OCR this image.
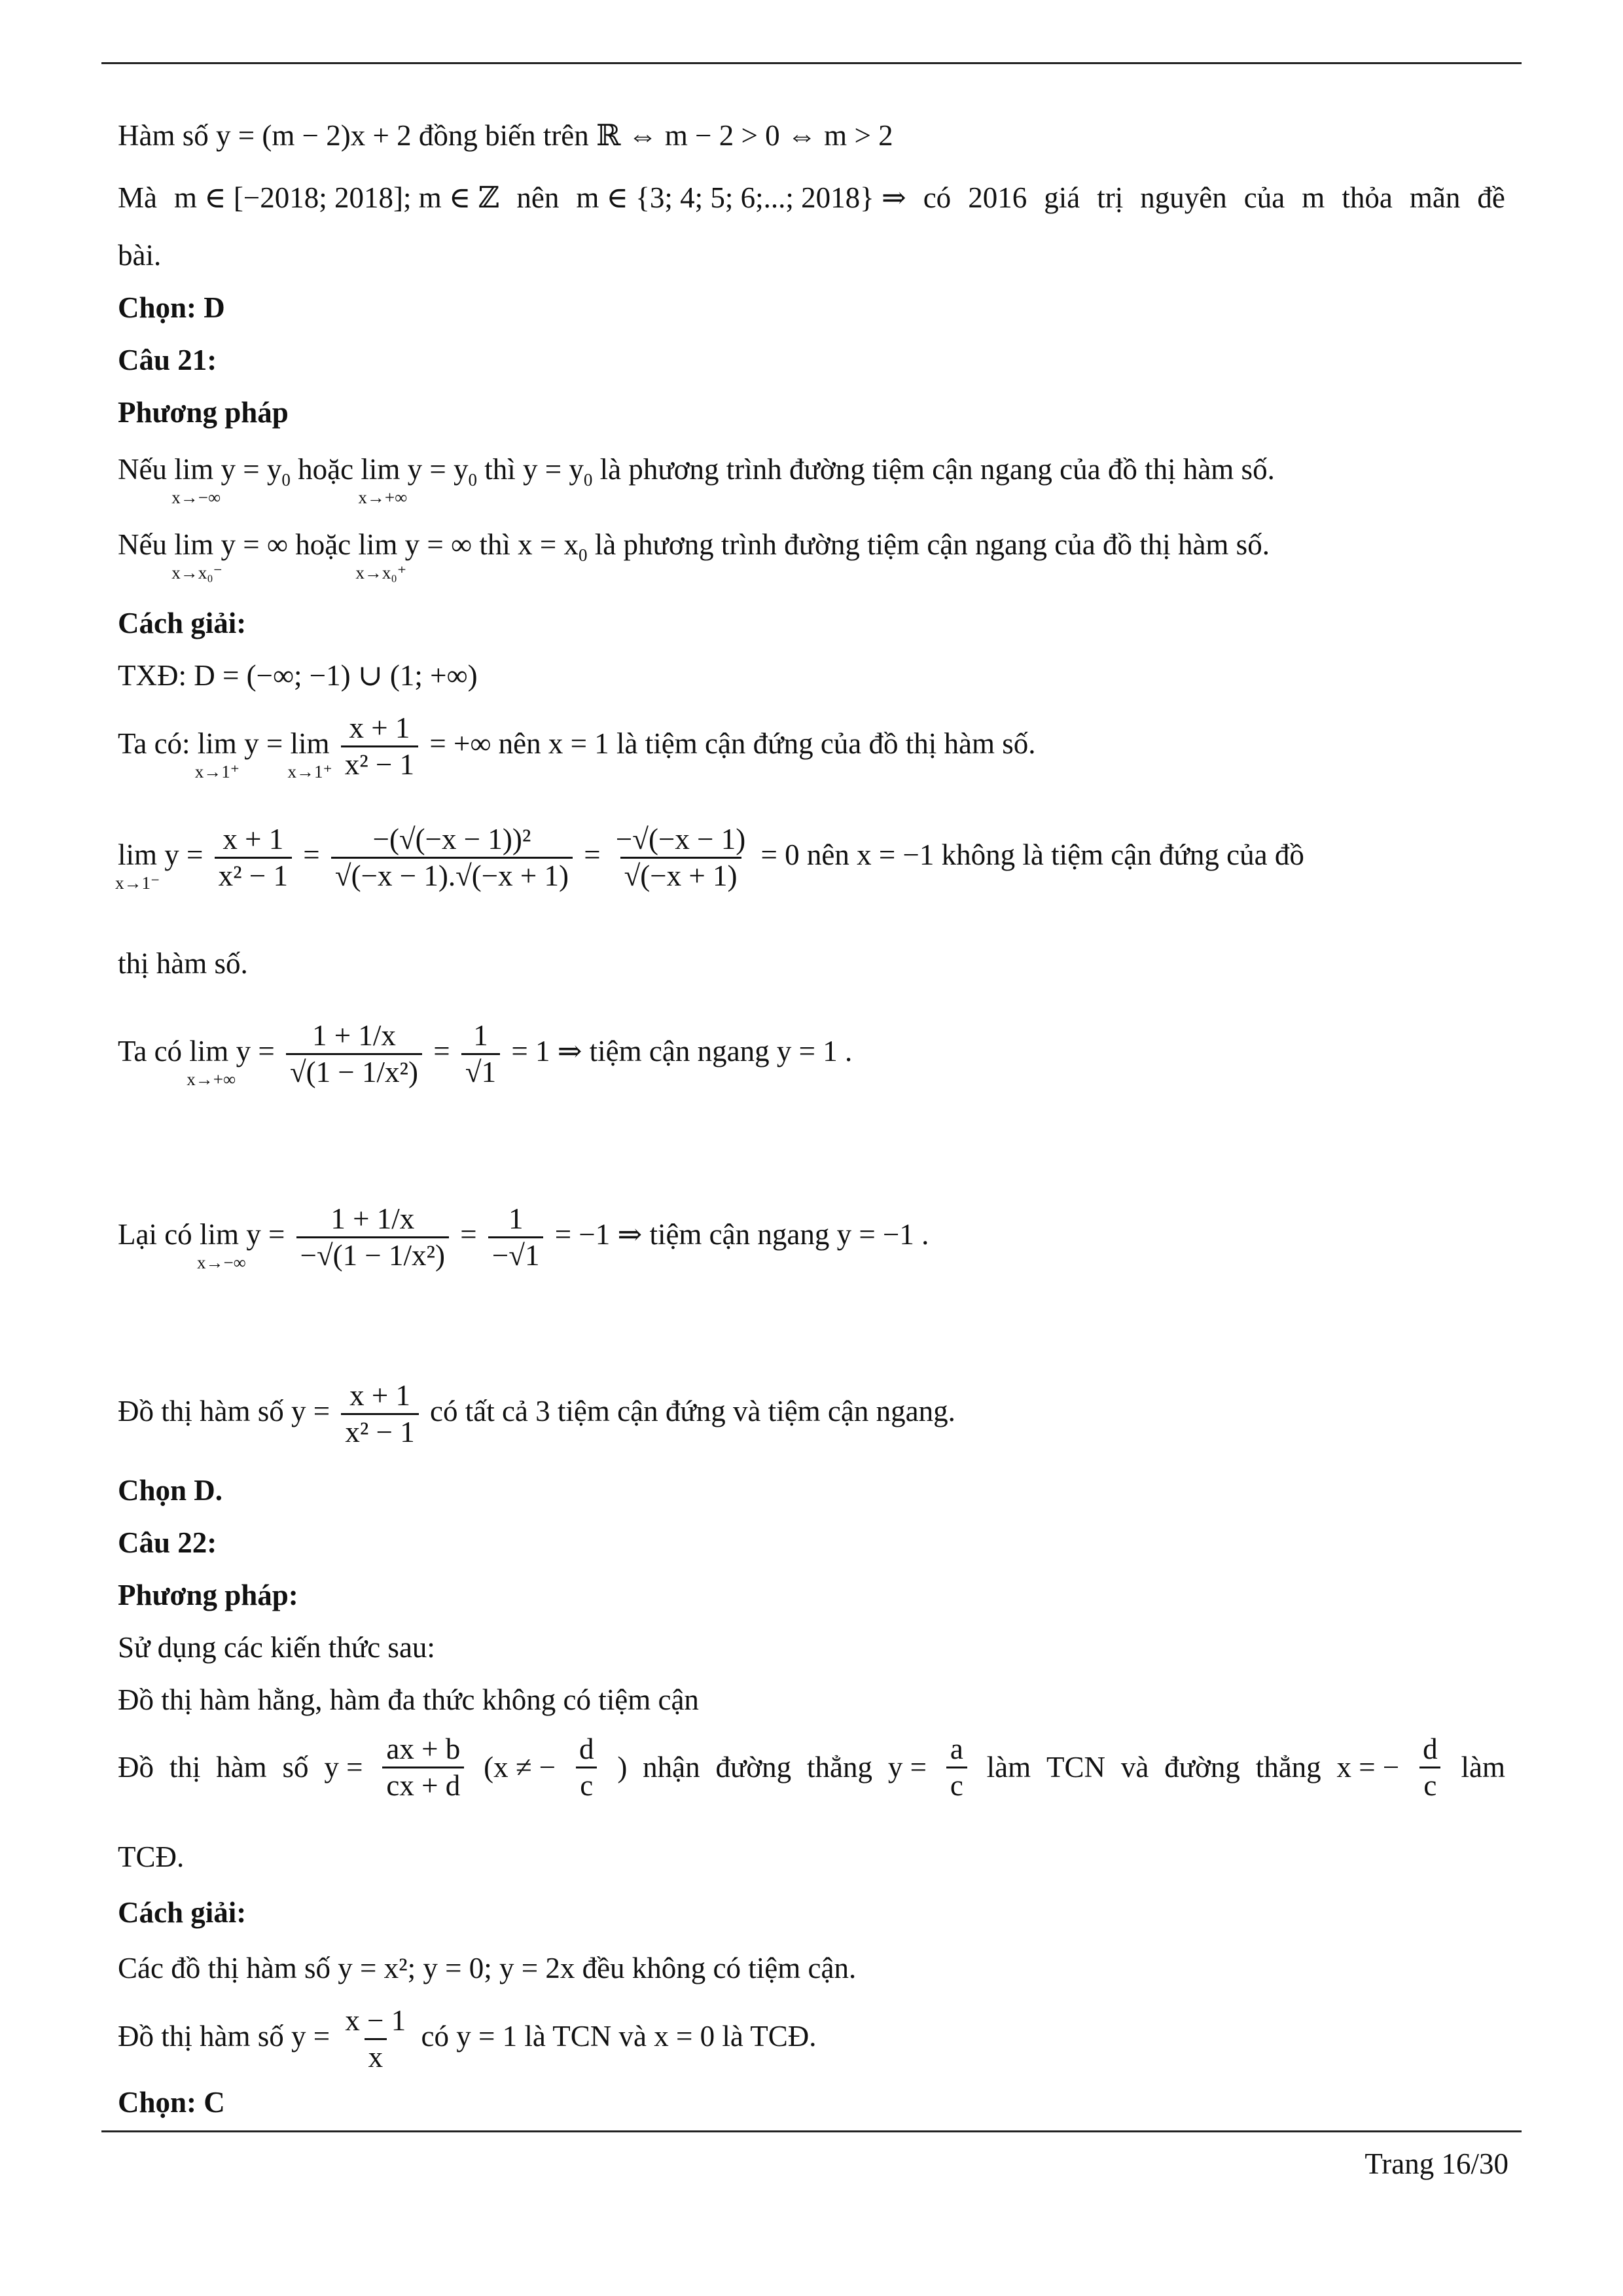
Hàm số y = (m − 2)x + 2 đồng biến trên ℝ ⇔ m − 2 > 0 ⇔ m > 2
Mà m ∈ [−2018; 2018]; m ∈ ℤ nên m ∈ {3; 4; 5; 6;...; 2018} ⇒ có 2016 giá trị nguyên của m thỏa mãn đề
bài.
Chọn: D
Câu 21:
Phương pháp
Nếu lim
x→−∞
$y = y_0$ hoặc lim
x→+∞
$y = y_0$ thì $y = y_0$ là phương trình đường tiệm cận ngang của đồ thị hàm số.
Nếu lim
x→x₀⁻
y = ∞ hoặc lim
x→x₀⁺
y = ∞ thì $x = x_0$ là phương trình đường tiệm cận ngang của đồ thị hàm số.
Cách giải:
TXĐ: D = (−∞; −1) ∪ (1; +∞)
Ta có: lim
x→1⁺
y = lim
x→1⁺
$\frac{x + 1}{\text{x² − 1}}$ = +∞ nên x = 1 là tiệm cận đứng của đồ thị hàm số.
lim
x→1⁻
$y = \frac{x + 1}{\text{x² − 1}} = \frac{\text{−(√(−x − 1))²}}{√(-x - 1).√(-x + 1)} = \frac{-√(-x - 1)}{√(-x + 1)} = 0$ nên x = −1 không là tiệm cận đứng của đồ
thị hàm số.
Ta có lim
x→+∞
$y = \frac{1 + 1/x}{\text{√(1 − 1/x²)}} = \frac{1}{√1} = 1$ ⇒ tiệm cận ngang y = 1 .
Lại có lim
x→−∞
$y = \frac{1 + 1/x}{\text{−√(1 − 1/x²)}} = \frac{1}{-√1} = -1$ ⇒ tiệm cận ngang y = −1 .
Đồ thị hàm số $y = \frac{x + 1}{\text{x² − 1}}$ có tất cả 3 tiệm cận đứng và tiệm cận ngang.
Chọn D.
Câu 22:
Phương pháp:
Sử dụng các kiến thức sau:
Đồ thị hàm hằng, hàm đa thức không có tiệm cận
Đồ thị hàm số $y = \frac{ax + b}{cx + d} (x$ ≠ − $\frac{d}{c}$ ) nhận đường thẳng $y = \frac{a}{c}$ làm TCN và đường thẳng x = − $\frac{d}{c}$ làm
TCĐ.
Cách giải:
Các đồ thị hàm số y = x²; y = 0; y = 2x đều không có tiệm cận.
Đồ thị hàm số $y = \frac{x - 1}{x}$ có y = 1 là TCN và x = 0 là TCĐ.
Chọn: C
Trang 16/30
